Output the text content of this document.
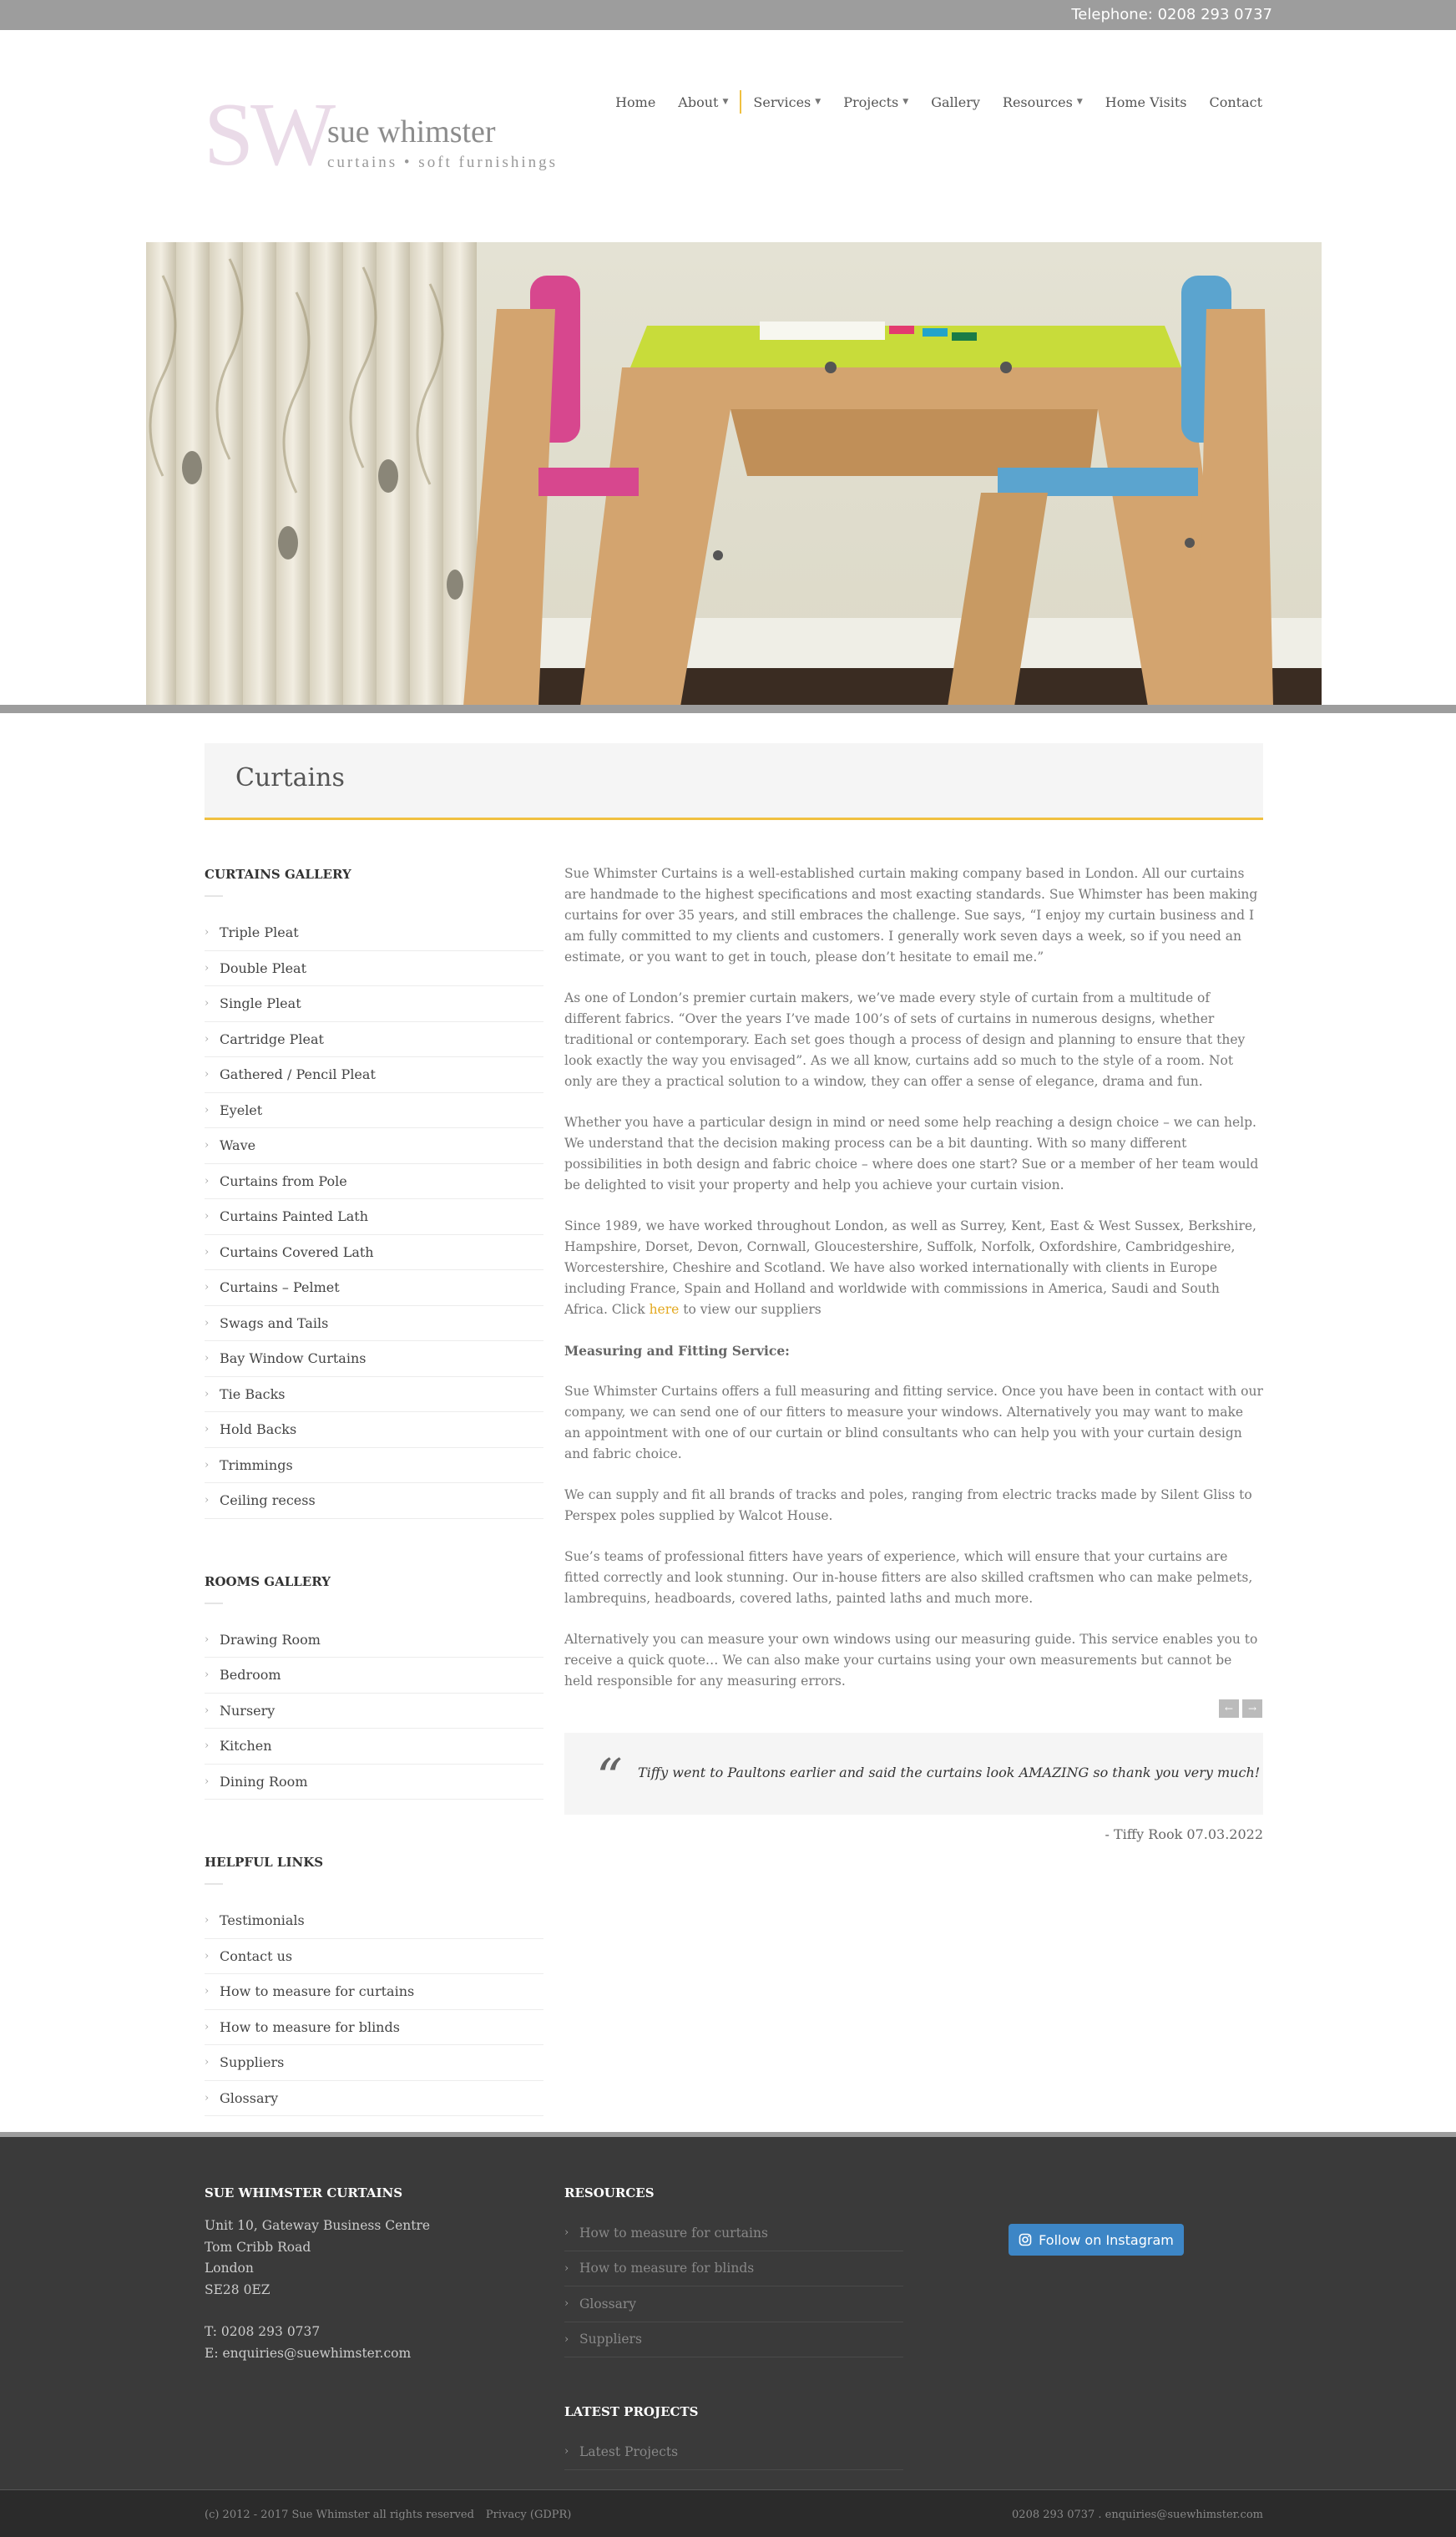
Telephone: 0208 293 0737
SW
sue whimster
curtains • soft furnishings
Home About ▼ Services ▼ Projects ▼ Gallery Resources ▼ Home Visits Contact
Curtains
CURTAINS GALLERY
› Triple Pleat
› Double Pleat
› Single Pleat
› Cartridge Pleat
› Gathered / Pencil Pleat
› Eyelet
› Wave
› Curtains from Pole
› Curtains Painted Lath
› Curtains Covered Lath
› Curtains – Pelmet
› Swags and Tails
› Bay Window Curtains
› Tie Backs
› Hold Backs
› Trimmings
› Ceiling recess
ROOMS GALLERY
› Drawing Room
› Bedroom
› Nursery
› Kitchen
› Dining Room
HELPFUL LINKS
› Testimonials
› Contact us
› How to measure for curtains
› How to measure for blinds
› Suppliers
› Glossary

Sue Whimster Curtains is a well-established curtain making company based in London. All our curtains are handmade to the highest specifications and most exacting standards. Sue Whimster has been making curtains for over 35 years, and still embraces the challenge. Sue says, “I enjoy my curtain business and I am fully committed to my clients and customers. I generally work seven days a week, so if you need an estimate, or you want to get in touch, please don’t hesitate to email me.”

As one of London’s premier curtain makers, we’ve made every style of curtain from a multitude of different fabrics. “Over the years I’ve made 100’s of sets of curtains in numerous designs, whether traditional or contemporary. Each set goes though a process of design and planning to ensure that they look exactly the way you envisaged”. As we all know, curtains add so much to the style of a room. Not only are they a practical solution to a window, they can offer a sense of elegance, drama and fun.

Whether you have a particular design in mind or need some help reaching a design choice – we can help. We understand that the decision making process can be a bit daunting. With so many different possibilities in both design and fabric choice – where does one start? Sue or a member of her team would be delighted to visit your property and help you achieve your curtain vision.

Since 1989, we have worked throughout London, as well as Surrey, Kent, East & West Sussex, Berkshire, Hampshire, Dorset, Devon, Cornwall, Gloucestershire, Suffolk, Norfolk, Oxfordshire, Cambridgeshire, Worcestershire, Cheshire and Scotland. We have also worked internationally with clients in Europe including France, Spain and Holland and worldwide with commissions in America, Saudi and South Africa. Click here to view our suppliers

Measuring and Fitting Service:

Sue Whimster Curtains offers a full measuring and fitting service. Once you have been in contact with our company, we can send one of our fitters to measure your windows. Alternatively you may want to make an appointment with one of our curtain or blind consultants who can help you with your curtain design and fabric choice.

We can supply and fit all brands of tracks and poles, ranging from electric tracks made by Silent Gliss to Perspex poles supplied by Walcot House.

Sue’s teams of professional fitters have years of experience, which will ensure that your curtains are fitted correctly and look stunning. Our in-house fitters are also skilled craftsmen who can make pelmets, lambrequins, headboards, covered laths, painted laths and much more.

Alternatively you can measure your own windows using our measuring guide. This service enables you to receive a quick quote… We can also make your curtains using your own measurements but cannot be held responsible for any measuring errors.

←	→
“ Tiffy went to Paultons earlier and said the curtains look AMAZING so thank you very much!
- Tiffy Rook 07.03.2022
SUE WHIMSTER CURTAINS
Unit 10, Gateway Business Centre
Tom Cribb Road
London
SE28 0EZ
T: 0208 293 0737
E: enquiries@suewhimster.com
RESOURCES
› How to measure for curtains
› How to measure for blinds
› Glossary
› Suppliers
LATEST PROJECTS
› Latest Projects
Follow on Instagram
(c) 2012 - 2017 Sue Whimster all rights reserved Privacy (GDPR)	0208 293 0737 . enquiries@suewhimster.com
